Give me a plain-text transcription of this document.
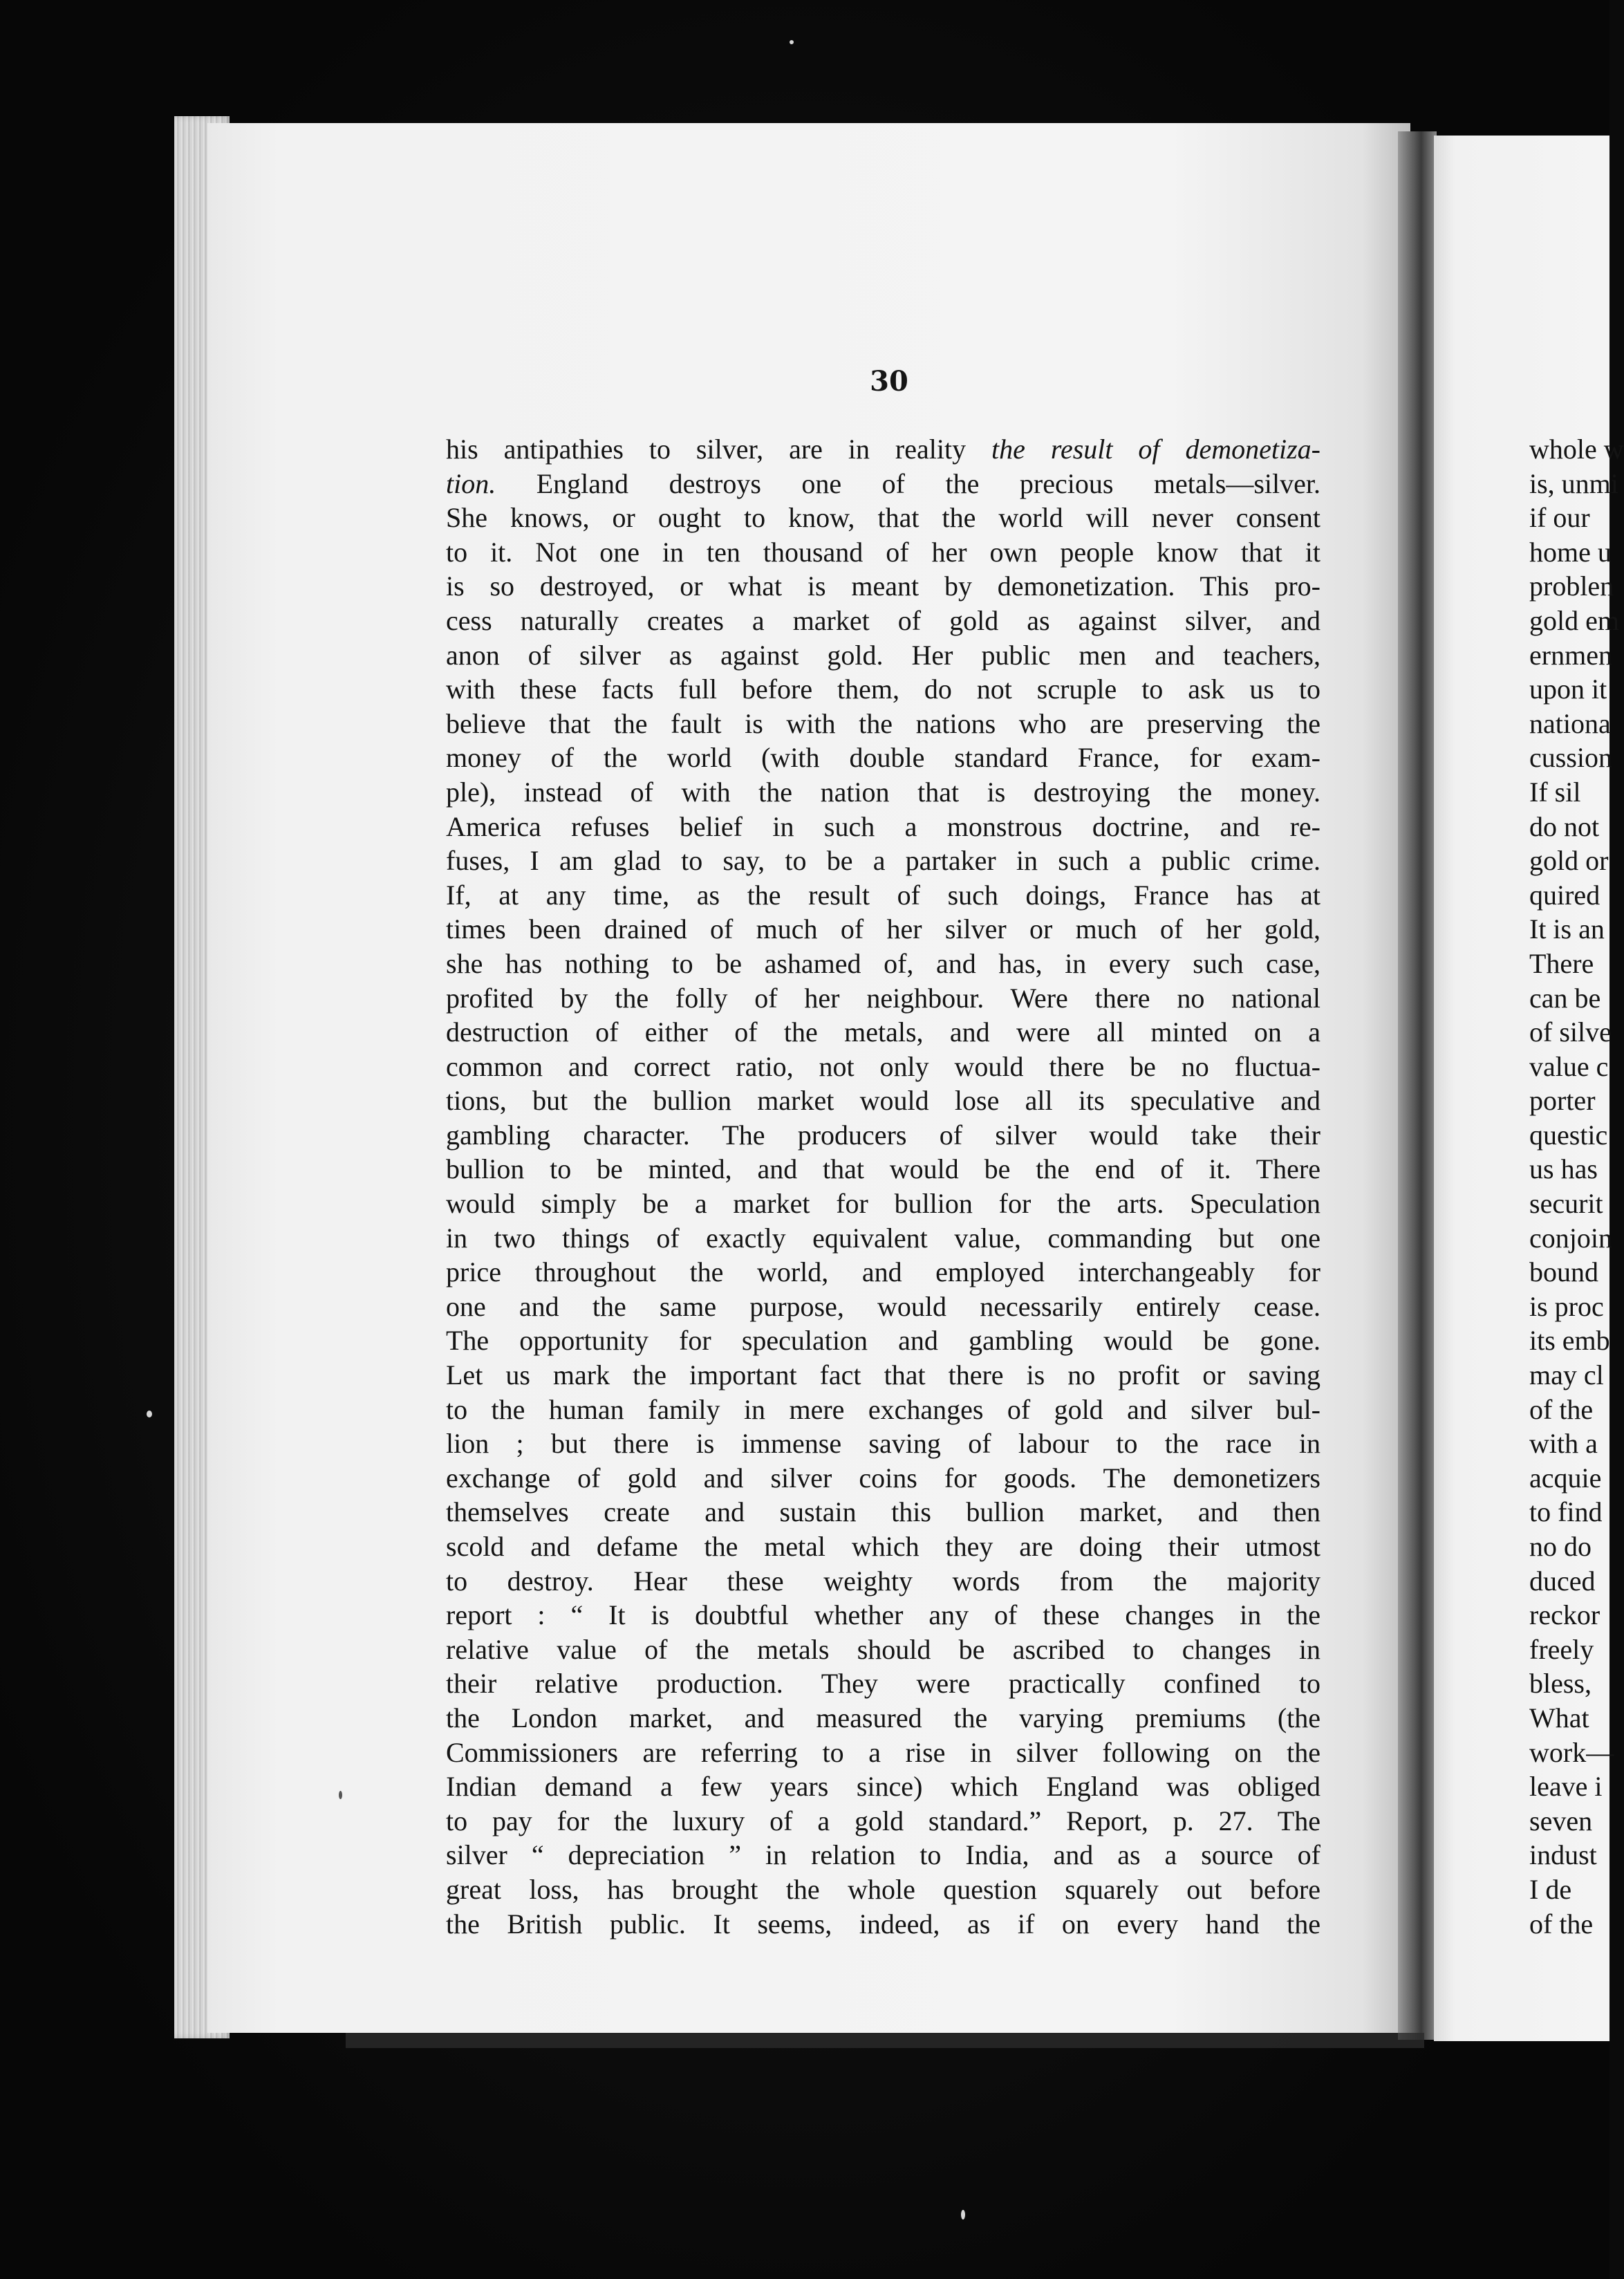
30
his antipathies to silver, are in reality the result of demonetiza-
tion. England destroys one of the precious metals—silver.
She knows, or ought to know, that the world will never consent
to it. Not one in ten thousand of her own people know that it
is so destroyed, or what is meant by demonetization. This pro-
cess naturally creates a market of gold as against silver, and
anon of silver as against gold. Her public men and teachers,
with these facts full before them, do not scruple to ask us to
believe that the fault is with the nations who are preserving the
money of the world (with double standard France, for exam-
ple), instead of with the nation that is destroying the money.
America refuses belief in such a monstrous doctrine, and re-
fuses, I am glad to say, to be a partaker in such a public crime.
If, at any time, as the result of such doings, France has at
times been drained of much of her silver or much of her gold,
she has nothing to be ashamed of, and has, in every such case,
profited by the folly of her neighbour. Were there no national
destruction of either of the metals, and were all minted on a
common and correct ratio, not only would there be no fluctua-
tions, but the bullion market would lose all its speculative and
gambling character. The producers of silver would take their
bullion to be minted, and that would be the end of it. There
would simply be a market for bullion for the arts. Speculation
in two things of exactly equivalent value, commanding but one
price throughout the world, and employed interchangeably for
one and the same purpose, would necessarily entirely cease.
The opportunity for speculation and gambling would be gone.
Let us mark the important fact that there is no profit or saving
to the human family in mere exchanges of gold and silver bul-
lion ; but there is immense saving of labour to the race in
exchange of gold and silver coins for goods. The demonetizers
themselves create and sustain this bullion market, and then
scold and defame the metal which they are doing their utmost
to destroy. Hear these weighty words from the majority
report : “ It is doubtful whether any of these changes in the
relative value of the metals should be ascribed to changes in
their relative production. They were practically confined to
the London market, and measured the varying premiums (the
Commissioners are referring to a rise in silver following on the
Indian demand a few years since) which England was obliged
to pay for the luxury of a gold standard.” Report, p. 27. The
silver “ depreciation ” in relation to India, and as a source of
great loss, has brought the whole question squarely out before
the British public. It seems, indeed, as if on every hand the
whole w
is, unmi
if our
home u
problen
gold em
ernmen
upon it
nationa
cussion
If sil
do not
gold or
quired
It is an
There
can be
of silve
value c
porter
questic
us has
securit
conjoin
bound
is proc
its emb
may cl
of the
with a
acquie
to find
no do
duced
reckor
freely
bless,
What
work—
leave i
seven
indust
I de
of the
